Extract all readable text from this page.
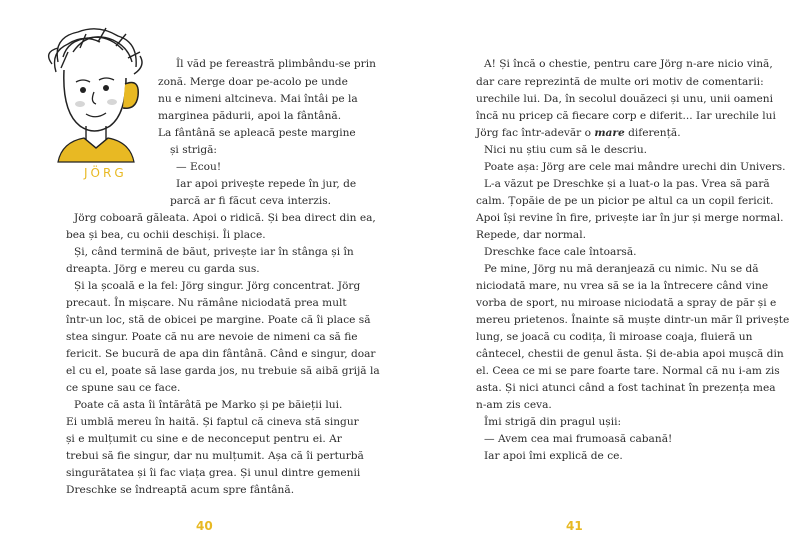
JÖRG
Îl văd pe fereastră plimbându-se prin
zonă. Merge doar pe-acolo pe unde
nu e nimeni altcineva. Mai întâi pe la
marginea pădurii, apoi la fântână.
La fântână se apleacă peste margine
și strigă:
— Ecou!
Iar apoi privește repede în jur, de
parcă ar fi făcut ceva interzis.
Jörg coboară găleata. Apoi o ridică. Și bea direct din ea,
bea și bea, cu ochii deschiși. Îi place.
Și, când termină de băut, privește iar în stânga și în
dreapta. Jörg e mereu cu garda sus.
Și la școală e la fel: Jörg singur. Jörg concentrat. Jörg
precaut. În mișcare. Nu rămâne niciodată prea mult
într-un loc, stă de obicei pe margine. Poate că îi place să
stea singur. Poate că nu are nevoie de nimeni ca să fie
fericit. Se bucură de apa din fântână. Când e singur, doar
el cu el, poate să lase garda jos, nu trebuie să aibă grijă la
ce spune sau ce face.
Poate că asta îi întărâtă pe Marko și pe băieții lui.
Ei umblă mereu în haită. Și faptul că cineva stă singur
și e mulțumit cu sine e de neconceput pentru ei. Ar
trebui să fie singur, dar nu mulțumit. Așa că îi perturbă
singurătatea și îi fac viața grea. Și unul dintre gemenii
Dreschke se îndreaptă acum spre fântână.
40
A! Și încă o chestie, pentru care Jörg n-are nicio vină,
dar care reprezintă de multe ori motiv de comentarii:
urechile lui. Da, în secolul douăzeci și unu, unii oameni
încă nu pricep că fiecare corp e diferit... Iar urechile lui
Jörg fac într-adevăr o mare diferență.
Nici nu știu cum să le descriu.
Poate așa: Jörg are cele mai mândre urechi din Univers.
L-a văzut pe Dreschke și a luat-o la pas. Vrea să pară
calm. Țopăie de pe un picior pe altul ca un copil fericit.
Apoi își revine în fire, privește iar în jur și merge normal.
Repede, dar normal.
Dreschke face cale întoarsă.
Pe mine, Jörg nu mă deranjează cu nimic. Nu se dă
niciodată mare, nu vrea să se ia la întrecere când vine
vorba de sport, nu miroase niciodată a spray de păr și e
mereu prietenos. Înainte să muște dintr-un măr îl privește
lung, se joacă cu codița, îi miroase coaja, fluieră un
cântecel, chestii de genul ăsta. Și de-abia apoi mușcă din
el. Ceea ce mi se pare foarte tare. Normal că nu i-am zis
asta. Și nici atunci când a fost tachinat în prezența mea
n-am zis ceva.
Îmi strigă din pragul ușii:
— Avem cea mai frumoasă cabană!
Iar apoi îmi explică de ce.
41
